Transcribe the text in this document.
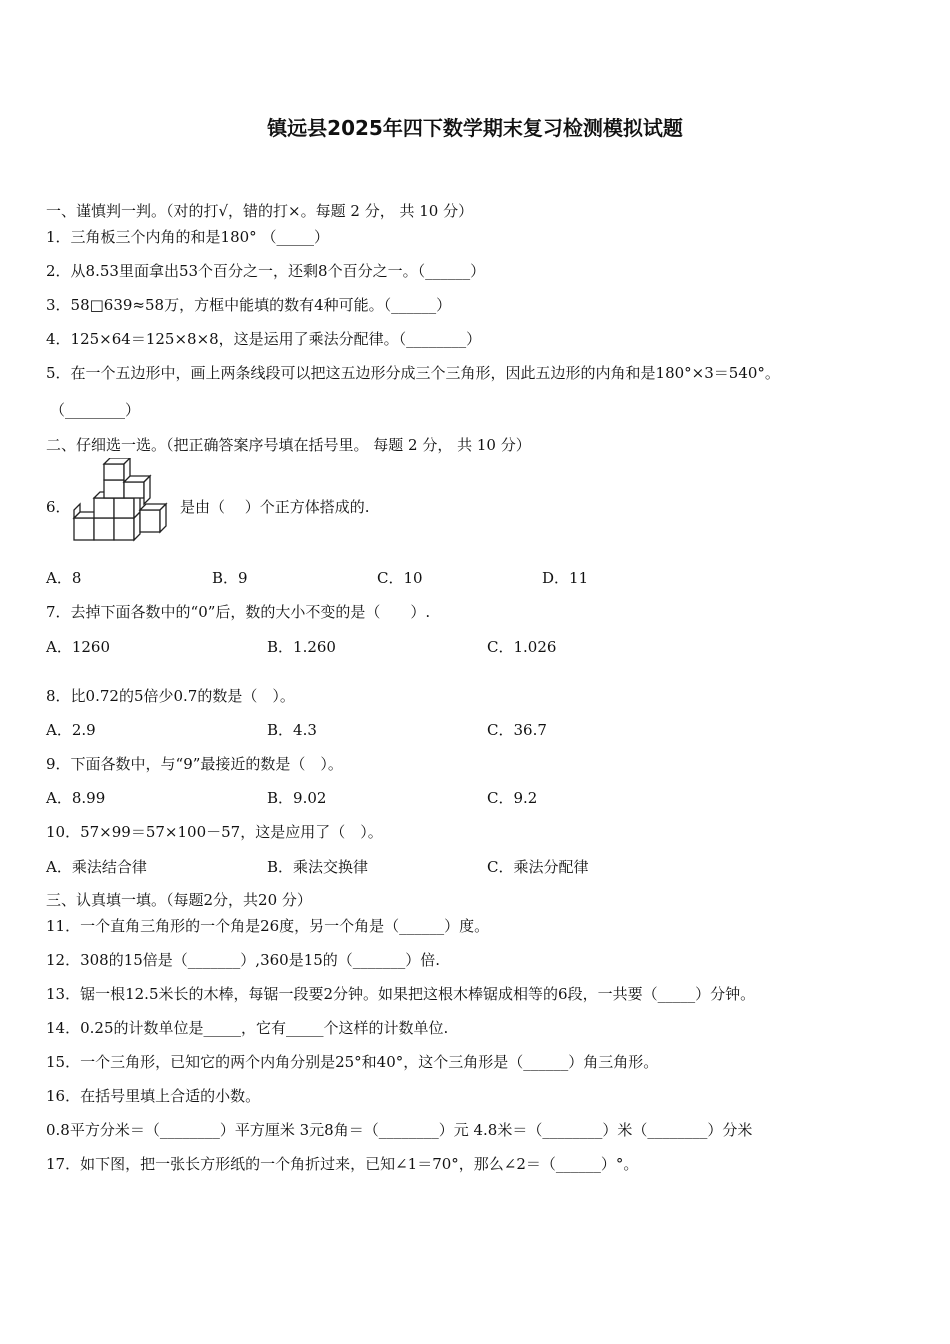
镇远县2025年四下数学期末复习检测模拟试题
一、谨慎判一判。（对的打√，错的打×。每题 2 分， 共 10 分）
1．三角板三个内角的和是180° （_____）
2．从8.53里面拿出53个百分之一，还剩8个百分之一。（______）
3．58□639≈58万，方框中能填的数有4种可能。（______）
4．125×64＝125×8×8，这是运用了乘法分配律。（________）
5．在一个五边形中，画上两条线段可以把这五边形分成三个三角形，因此五边形的内角和是180°×3＝540°。
（________）
二、仔细选一选。（把正确答案序号填在括号里。 每题 2 分， 共 10 分）
6．	是由（　 ）个正方体搭成的.
A．8	B．9	C．10	D．11
7．去掉下面各数中的“0”后，数的大小不变的是（　　）.
A．1260	B．1.260	C．1.026
8．比0.72的5倍少0.7的数是（　）。
A．2.9	B．4.3	C．36.7
9．下面各数中，与“9”最接近的数是（　）。
A．8.99	B．9.02	C．9.2
10．57×99＝57×100－57，这是应用了（　）。
A．乘法结合律	B．乘法交换律	C．乘法分配律
三、认真填一填。（每题2分，共20 分）
11．一个直角三角形的一个角是26度，另一个角是（______）度。
12．308的15倍是（_______）,360是15的（_______）倍.
13．锯一根12.5米长的木棒，每锯一段要2分钟。如果把这根木棒锯成相等的6段，一共要（_____）分钟。
14．0.25的计数单位是_____，它有_____个这样的计数单位.
15．一个三角形，已知它的两个内角分别是25°和40°，这个三角形是（______）角三角形。
16．在括号里填上合适的小数。
0.8平方分米＝（________）平方厘米 3元8角＝（________）元 4.8米＝（________）米（________）分米
17．如下图，把一张长方形纸的一个角折过来，已知∠1＝70°，那么∠2＝（______）°。
